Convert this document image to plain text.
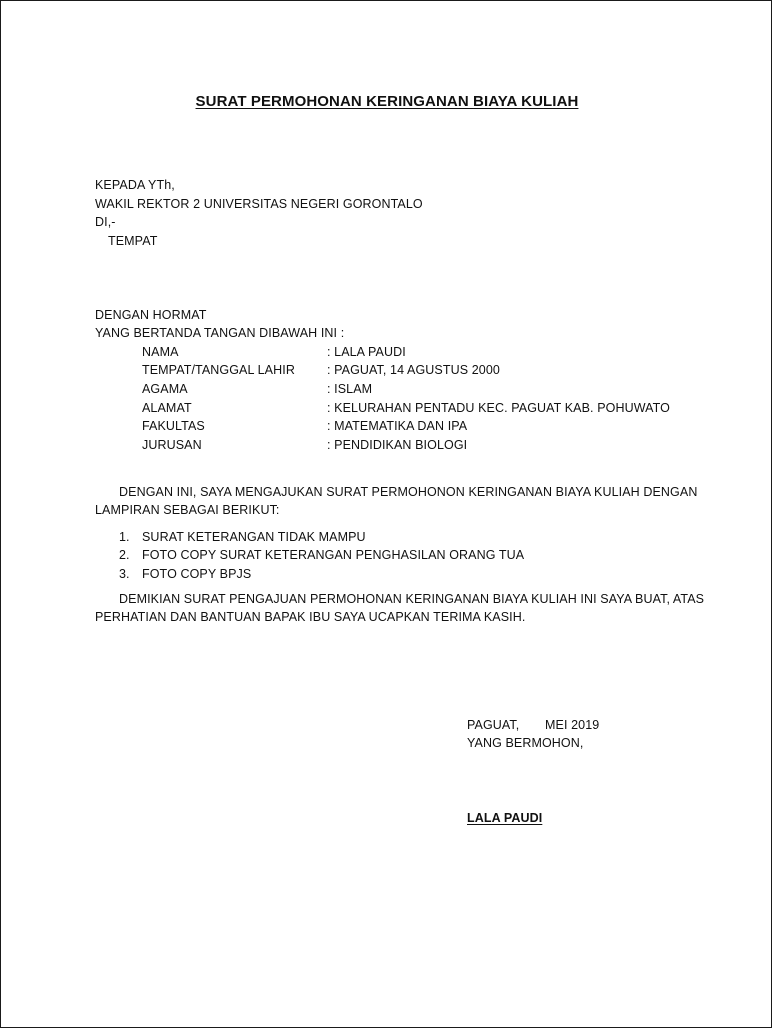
SURAT PERMOHONAN KERINGANAN BIAYA KULIAH
KEPADA YTh,
WAKIL REKTOR 2 UNIVERSITAS NEGERI GORONTALO
DI,-
TEMPAT
DENGAN HORMAT
YANG BERTANDA TANGAN DIBAWAH INI :
NAMA	: LALA PAUDI
TEMPAT/TANGGAL LAHIR	: PAGUAT, 14 AGUSTUS 2000
AGAMA	: ISLAM
ALAMAT	: KELURAHAN PENTADU KEC. PAGUAT KAB. POHUWATO
FAKULTAS	: MATEMATIKA DAN IPA
JURUSAN	: PENDIDIKAN BIOLOGI
DENGAN INI, SAYA MENGAJUKAN SURAT PERMOHONON KERINGANAN BIAYA KULIAH DENGAN
LAMPIRAN SEBAGAI BERIKUT:
1. SURAT KETERANGAN TIDAK MAMPU
2. FOTO COPY SURAT KETERANGAN PENGHASILAN ORANG TUA
3. FOTO COPY BPJS
DEMIKIAN SURAT PENGAJUAN PERMOHONAN KERINGANAN BIAYA KULIAH INI SAYA BUAT, ATAS
PERHATIAN DAN BANTUAN BAPAK IBU SAYA UCAPKAN TERIMA KASIH.
PAGUAT, MEI 2019
YANG BERMOHON,
LALA PAUDI
